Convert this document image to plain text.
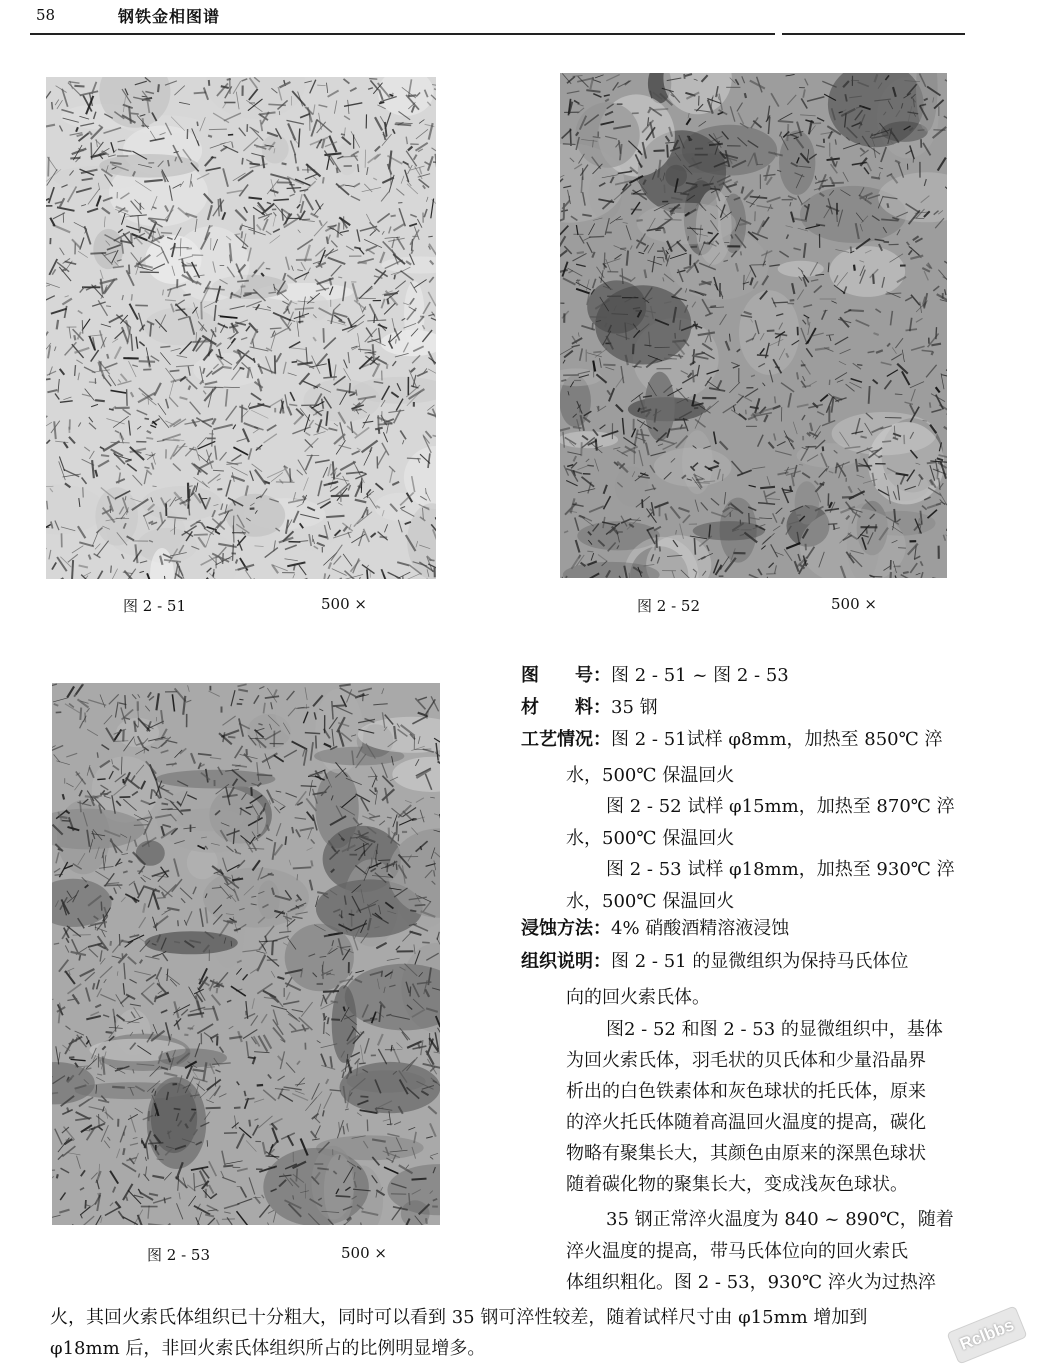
58	钢铁金相图谱
图 2 - 51	500 ×	图 2 - 52	500 ×
图 2 - 53	500 ×
图　　号：图 2 - 51 ~ 图 2 - 53
材　　料：35 钢
工艺情况：图 2 - 51试样 φ8mm，加热至 850℃ 淬
水，500℃ 保温回火
图 2 - 52 试样 φ15mm，加热至 870℃ 淬
水，500℃ 保温回火
图 2 - 53 试样 φ18mm，加热至 930℃ 淬
水，500℃ 保温回火
浸蚀方法：4% 硝酸酒精溶液浸蚀
组织说明：图 2 - 51 的显微组织为保持马氏体位
向的回火索氏体。
图2 - 52 和图 2 - 53 的显微组织中，基体
为回火索氏体，羽毛状的贝氏体和少量沿晶界
析出的白色铁素体和灰色球状的托氏体，原来
的淬火托氏体随着高温回火温度的提高，碳化
物略有聚集长大，其颜色由原来的深黑色球状
随着碳化物的聚集长大，变成浅灰色球状。
35 钢正常淬火温度为 840 ~ 890℃，随着
淬火温度的提高，带马氏体位向的回火索氏
体组织粗化。图 2 - 53，930℃ 淬火为过热淬
火，其回火索氏体组织已十分粗大，同时可以看到 35 钢可淬性较差，随着试样尺寸由 φ15mm 增加到
φ18mm 后，非回火索氏体组织所占的比例明显增多。	Rclbbs
